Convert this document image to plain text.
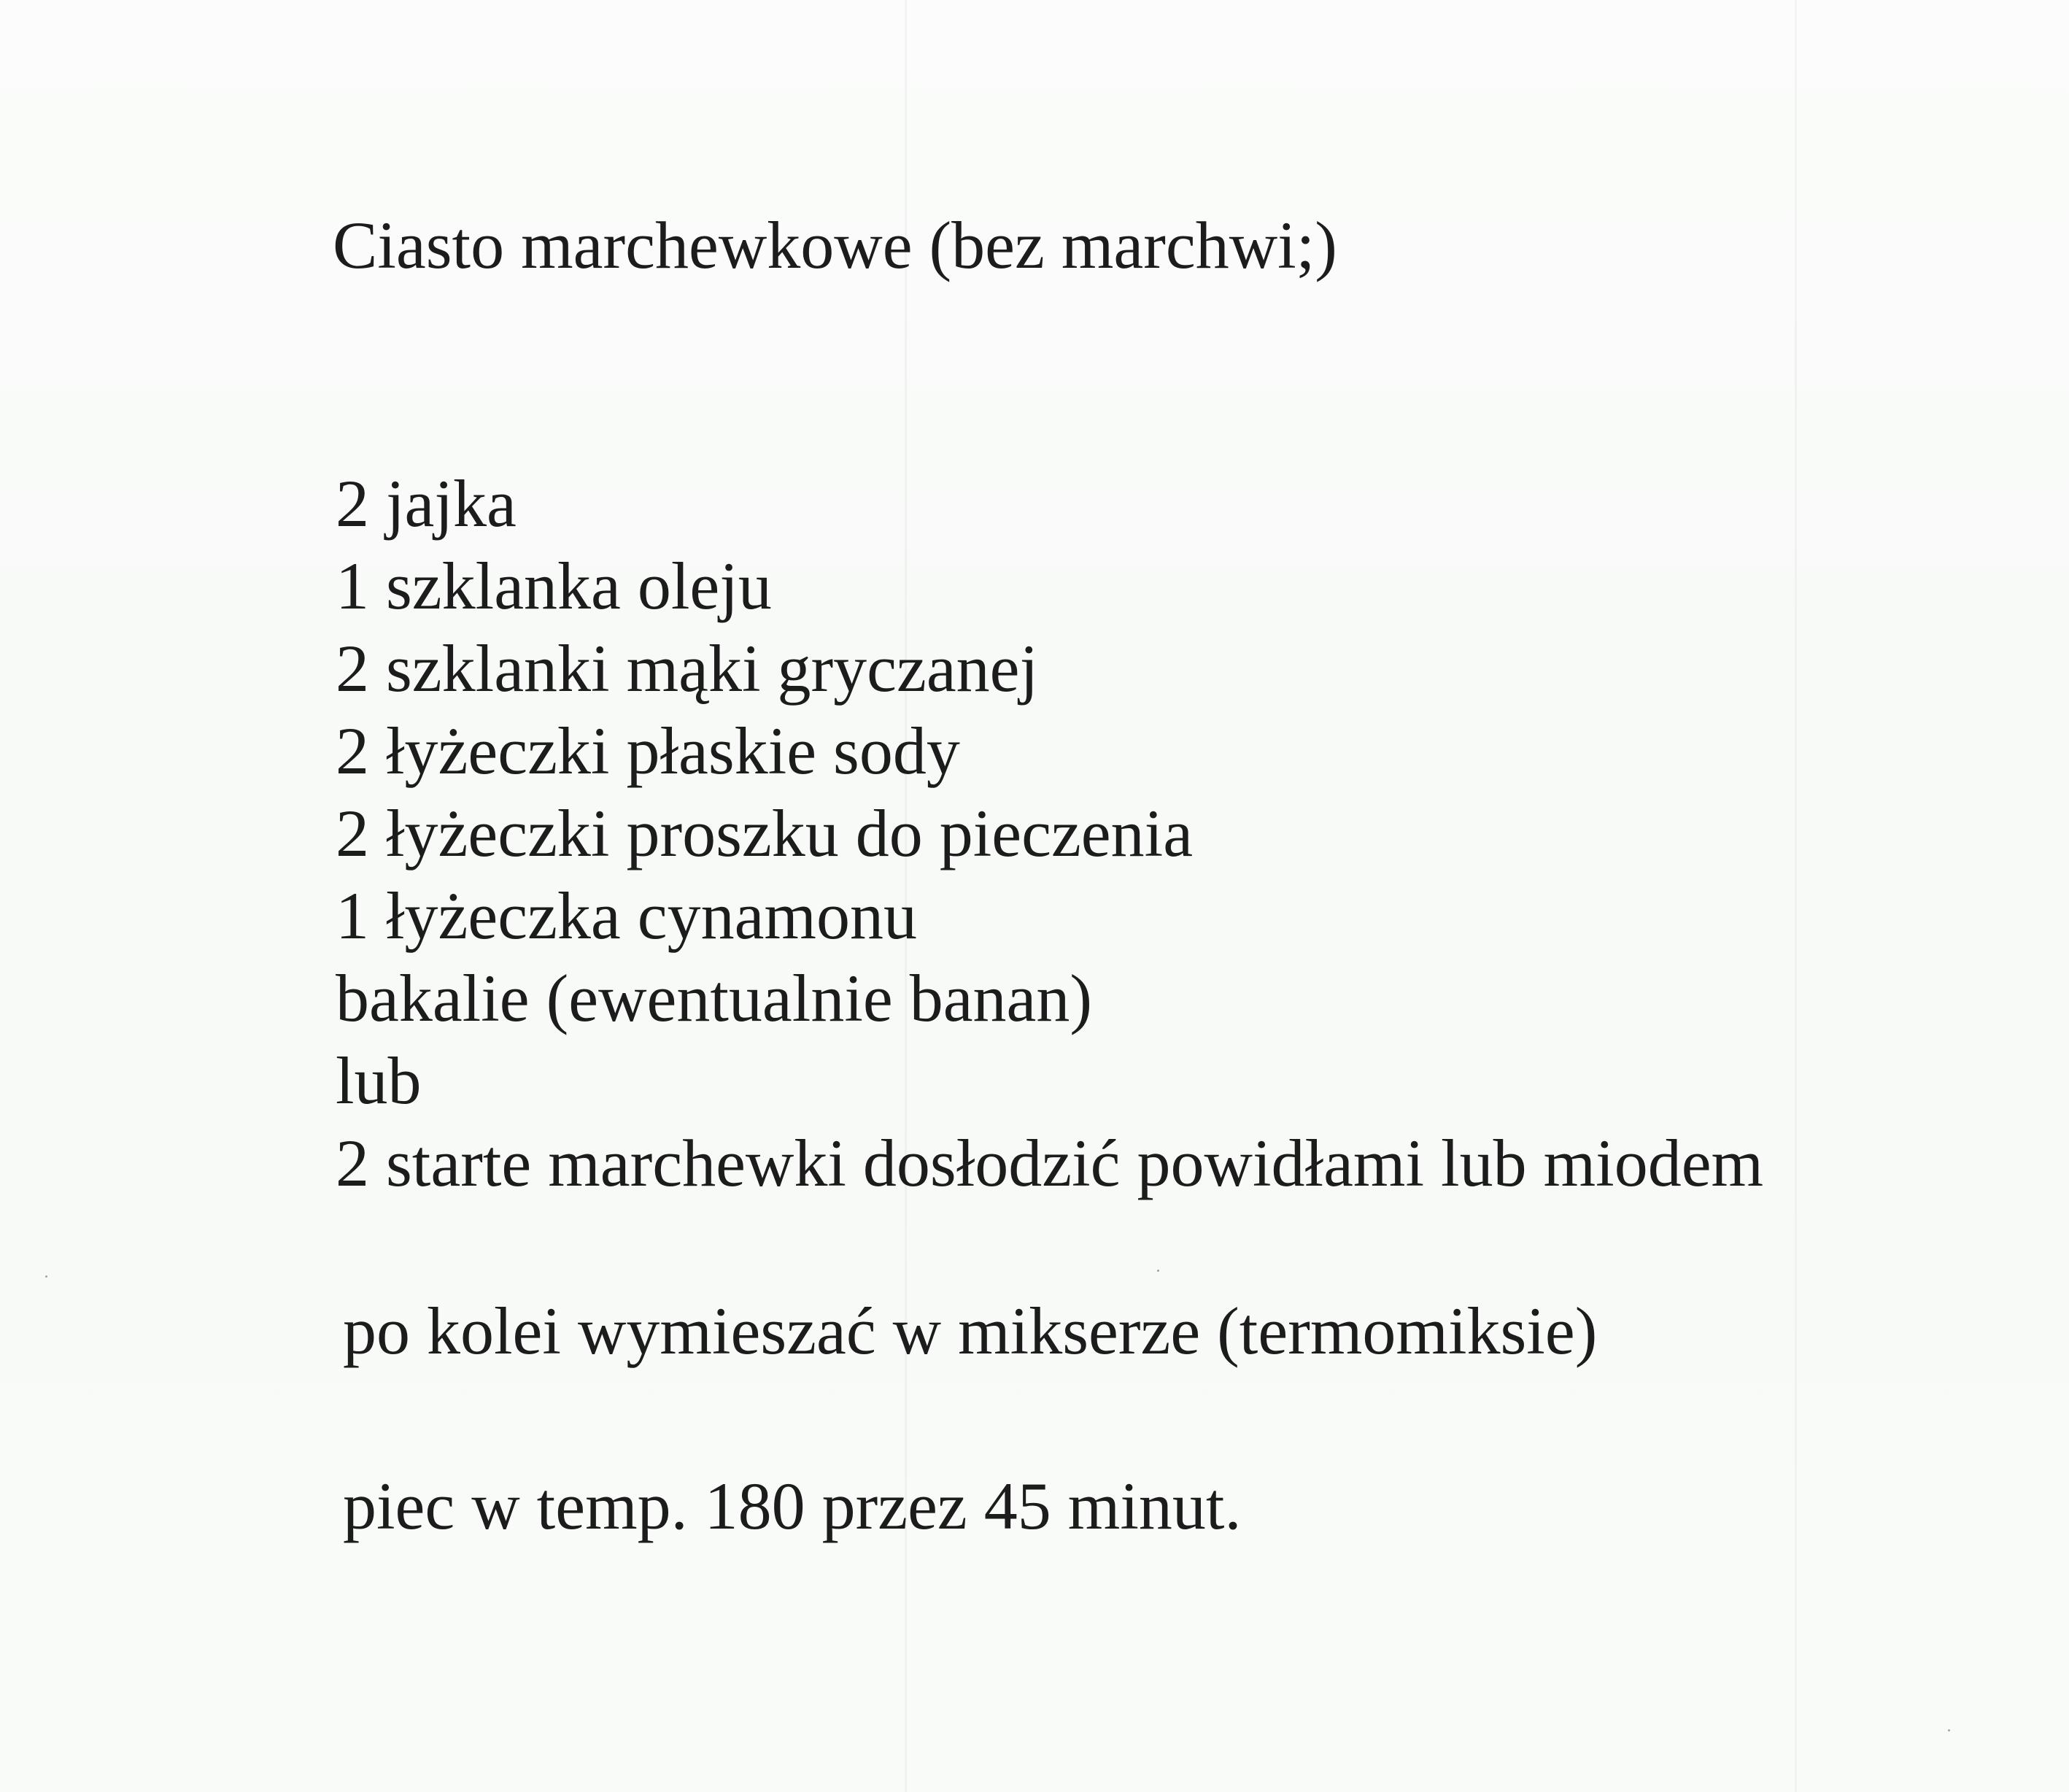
Ciasto marchewkowe (bez marchwi;)
2 jajka
1 szklanka oleju
2 szklanki mąki gryczanej
2 łyżeczki płaskie sody
2 łyżeczki proszku do pieczenia
1 łyżeczka cynamonu
bakalie (ewentualnie banan)
lub
2 starte marchewki dosłodzić powidłami lub miodem
po kolei wymieszać w mikserze (termomiksie)
piec w temp. 180 przez 45 minut.
